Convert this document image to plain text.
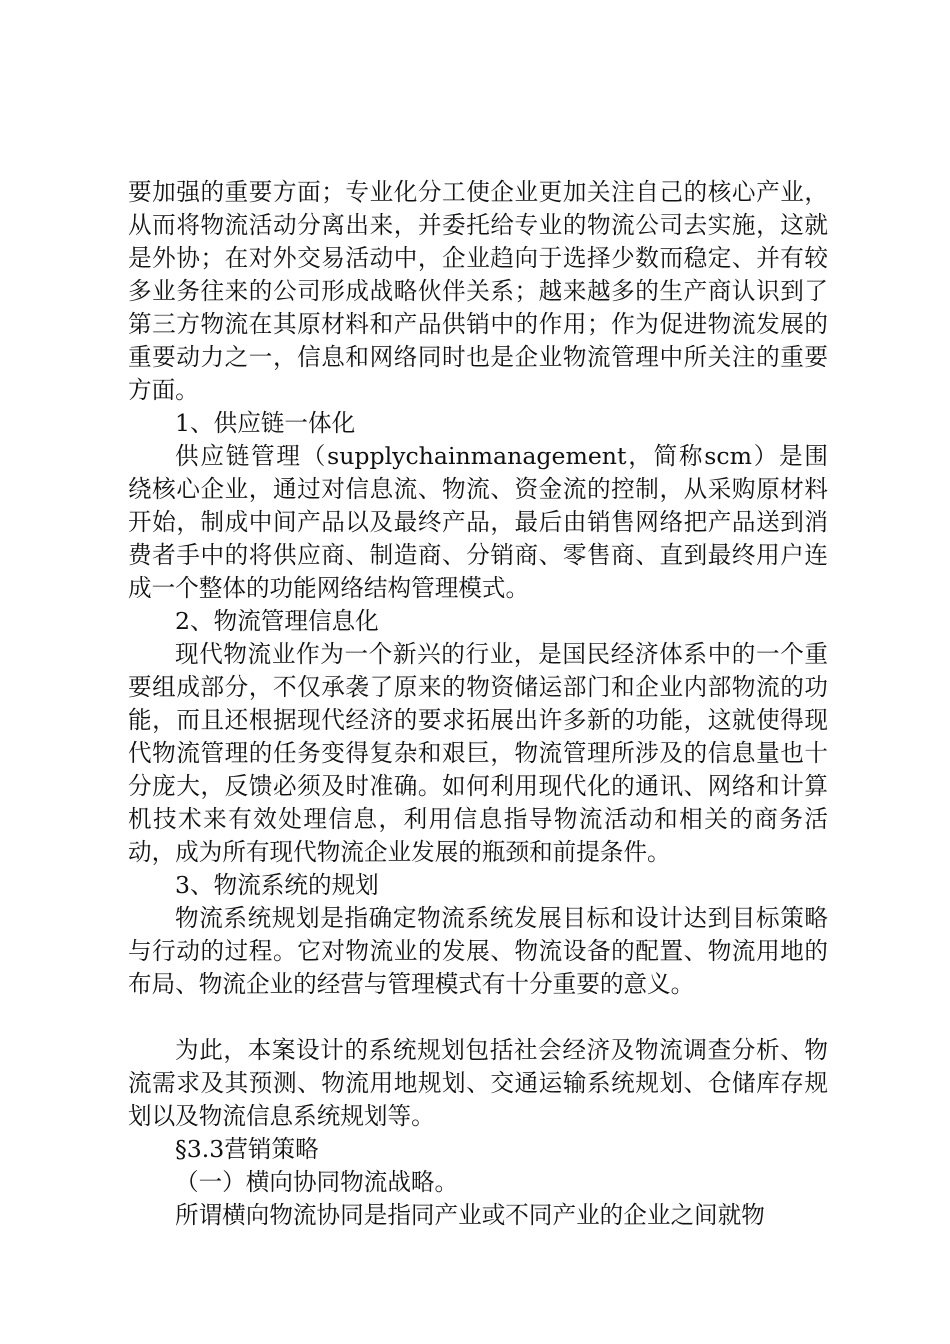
要加强的重要方面；专业化分工使企业更加关注自己的核心产业，从而将物流活动分离出来，并委托给专业的物流公司去实施，这就是外协；在对外交易活动中，企业趋向于选择少数而稳定、并有较多业务往来的公司形成战略伙伴关系；越来越多的生产商认识到了第三方物流在其原材料和产品供销中的作用；作为促进物流发展的重要动力之一，信息和网络同时也是企业物流管理中所关注的重要方面。

1、供应链一体化

供应链管理（supplychainmanagement，简称scm）是围绕核心企业，通过对信息流、物流、资金流的控制，从采购原材料开始，制成中间产品以及最终产品，最后由销售网络把产品送到消费者手中的将供应商、制造商、分销商、零售商、直到最终用户连成一个整体的功能网络结构管理模式。

2、物流管理信息化

现代物流业作为一个新兴的行业，是国民经济体系中的一个重要组成部分，不仅承袭了原来的物资储运部门和企业内部物流的功能，而且还根据现代经济的要求拓展出许多新的功能，这就使得现代物流管理的任务变得复杂和艰巨，物流管理所涉及的信息量也十分庞大，反馈必须及时准确。如何利用现代化的通讯、网络和计算机技术来有效处理信息，利用信息指导物流活动和相关的商务活动，成为所有现代物流企业发展的瓶颈和前提条件。

3、物流系统的规划

物流系统规划是指确定物流系统发展目标和设计达到目标策略与行动的过程。它对物流业的发展、物流设备的配置、物流用地的布局、物流企业的经营与管理模式有十分重要的意义。

为此，本案设计的系统规划包括社会经济及物流调查分析、物流需求及其预测、物流用地规划、交通运输系统规划、仓储库存规划以及物流信息系统规划等。

§3.3营销策略

（一）横向协同物流战略。

所谓横向物流协同是指同产业或不同产业的企业之间就物
